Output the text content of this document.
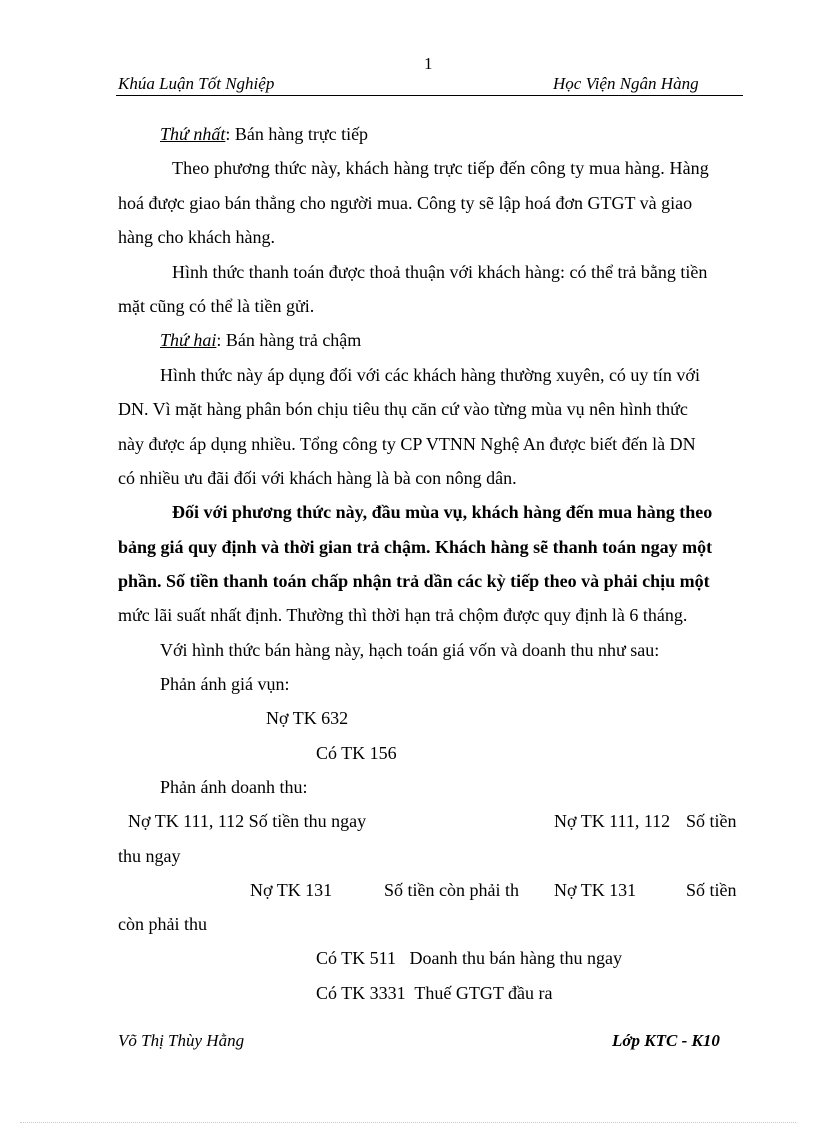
1
Khúa Luận Tốt Nghiệp	Học Viện Ngân Hàng
Thứ nhất: Bán hàng trực tiếp
Theo phương thức này, khách hàng trực tiếp đến công ty mua hàng. Hàng
hoá được giao bán thẳng cho người mua. Công ty sẽ lập hoá đơn GTGT và giao
hàng cho khách hàng.
Hình thức thanh toán được thoả thuận với khách hàng: có thể trả bằng tiền
mặt cũng có thể là tiền gửi.
Thứ hai: Bán hàng trả chậm
Hình thức này áp dụng đối với các khách hàng thường xuyên, có uy tín với
DN. Vì mặt hàng phân bón chịu tiêu thụ căn cứ vào từng mùa vụ nên hình thức
này được áp dụng nhiều. Tổng công ty CP VTNN Nghệ An được biết đến là DN
có nhiều ưu đãi đối với khách hàng là bà con nông dân.
Đối với phương thức này, đầu mùa vụ, khách hàng đến mua hàng theo
bảng giá quy định và thời gian trả chậm. Khách hàng sẽ thanh toán ngay một
phần. Số tiền thanh toán chấp nhận trả dần các kỳ tiếp theo và phải chịu một
mức lãi suất nhất định. Thường thì thời hạn trả chộm được quy định là 6 tháng.
Với hình thức bán hàng này, hạch toán giá vốn và doanh thu như sau:
Phản ánh giá vụn:
Nợ TK 632
Có TK 156
Phản ánh doanh thu:
Nợ TK 111, 112 Số tiền thu ngay	Nợ TK 111, 112 Số tiền
thu ngay
Nợ TK 131	Số tiền còn phải th Nợ TK 131	Số tiền
còn phải thu
Có TK 511   Doanh thu bán hàng thu ngay
Có TK 3331  Thuế GTGT đầu ra
Võ Thị Thùy Hằng	Lớp KTC - K10
